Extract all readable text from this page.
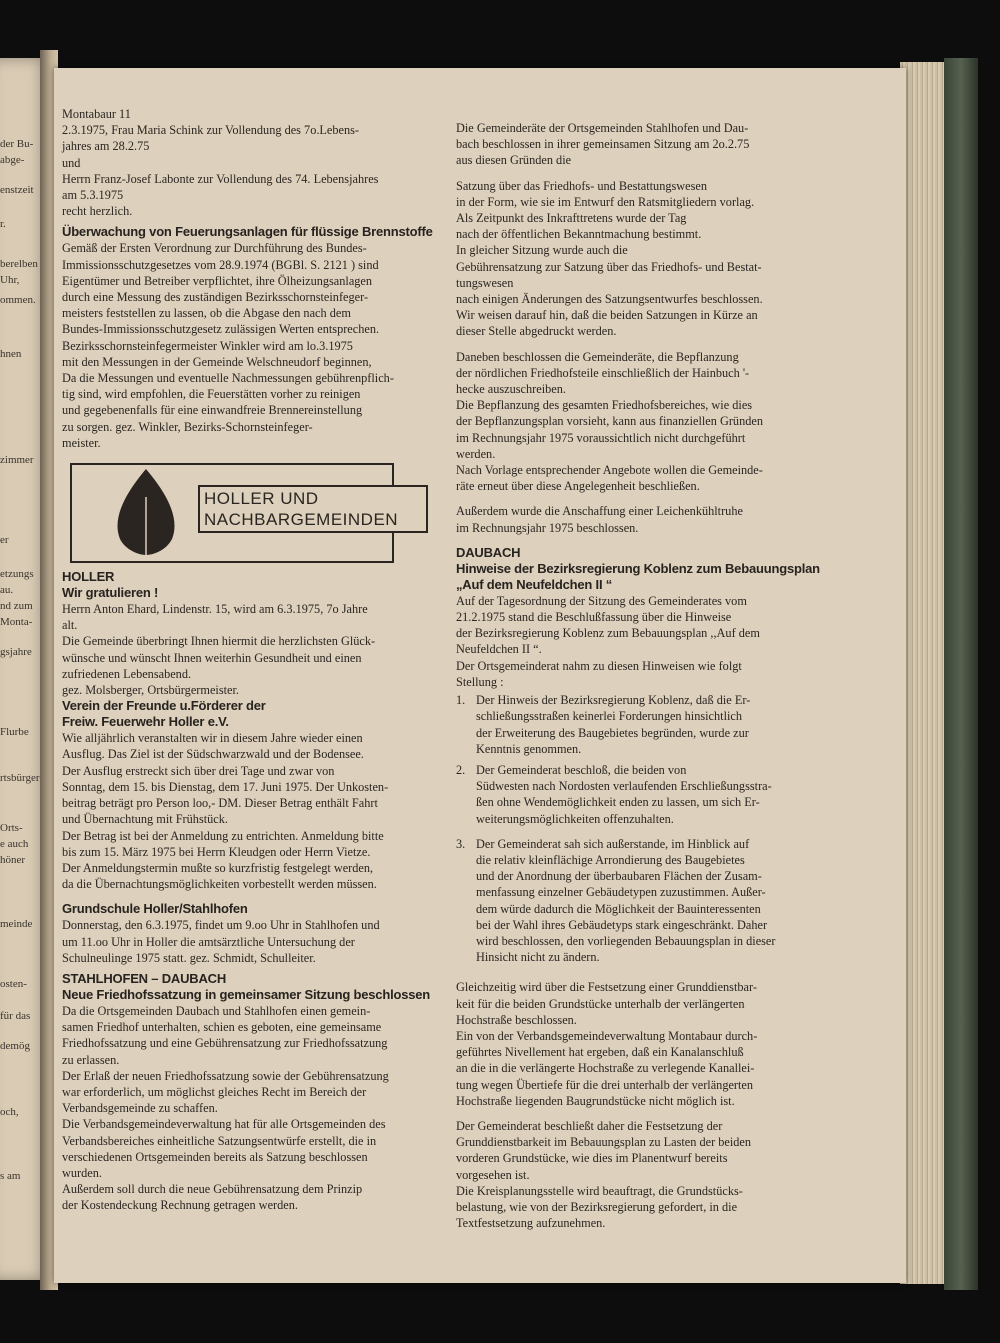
der Bu-
abge-
enstzeit
r.
berelben
Uhr,
ommen.
hnen
zimmer
er
etzungs
au.
nd zum
Monta-
gsjahre
Flurbe
rtsbürger
Orts-
e auch
höner
meinde
osten-
für das
demög
och,
s am
Montabaur 11
2.3.1975, Frau Maria Schink zur Vollendung des 7o.Lebens-
jahres am 28.2.75
und
Herrn Franz-Josef Labonte zur Vollendung des 74. Lebensjahres
am 5.3.1975
recht herzlich.
Überwachung von Feuerungsanlagen für flüssige Brennstoffe
Gemäß der Ersten Verordnung zur Durchführung des Bundes-
Immissionsschutzgesetzes vom 28.9.1974 (BGBl. S. 2121 ) sind
Eigentümer und Betreiber verpflichtet, ihre Ölheizungsanlagen
durch eine Messung des zuständigen Bezirksschornsteinfeger-
meisters feststellen zu lassen, ob die Abgase den nach dem
Bundes-Immissionsschutzgesetz zulässigen Werten entsprechen.
Bezirksschornsteinfegermeister Winkler wird am lo.3.1975
mit den Messungen in der Gemeinde Welschneudorf beginnen,
Da die Messungen und eventuelle Nachmessungen gebührenpflich-
tig sind, wird empfohlen, die Feuerstätten vorher zu reinigen
und gegebenenfalls für eine einwandfreie Brennereinstellung
zu sorgen. gez. Winkler, Bezirks-Schornsteinfeger-
meister.
HOLLER UND
NACHBARGEMEINDEN
HOLLER
Wir gratulieren !
Herrn Anton Ehard, Lindenstr. 15, wird am 6.3.1975, 7o Jahre
alt.
Die Gemeinde überbringt Ihnen hiermit die herzlichsten Glück-
wünsche und wünscht Ihnen weiterhin Gesundheit und einen
zufriedenen Lebensabend.
gez. Molsberger, Ortsbürgermeister.
Verein der Freunde u.Förderer der
Freiw. Feuerwehr Holler e.V.
Wie alljährlich veranstalten wir in diesem Jahre wieder einen
Ausflug. Das Ziel ist der Südschwarzwald und der Bodensee.
Der Ausflug erstreckt sich über drei Tage und zwar von
Sonntag, dem 15. bis Dienstag, dem 17. Juni 1975. Der Unkosten-
beitrag beträgt pro Person loo,- DM. Dieser Betrag enthält Fahrt
und Übernachtung mit Frühstück.
Der Betrag ist bei der Anmeldung zu entrichten. Anmeldung bitte
bis zum 15. März 1975 bei Herrn Kleudgen oder Herrn Vietze.
Der Anmeldungstermin mußte so kurzfristig festgelegt werden,
da die Übernachtungsmöglichkeiten vorbestellt werden müssen.
Grundschule Holler/Stahlhofen
Donnerstag, den 6.3.1975, findet um 9.oo Uhr in Stahlhofen und
um 11.oo Uhr in Holler die amtsärztliche Untersuchung der
Schulneulinge 1975 statt. gez. Schmidt, Schulleiter.
STAHLHOFEN – DAUBACH
Neue Friedhofssatzung in gemeinsamer Sitzung beschlossen
Da die Ortsgemeinden Daubach und Stahlhofen einen gemein-
samen Friedhof unterhalten, schien es geboten, eine gemeinsame
Friedhofssatzung und eine Gebührensatzung zur Friedhofssatzung
zu erlassen.
Der Erlaß der neuen Friedhofssatzung sowie der Gebührensatzung
war erforderlich, um möglichst gleiches Recht im Bereich der
Verbandsgemeinde zu schaffen.
Die Verbandsgemeindeverwaltung hat für alle Ortsgemeinden des
Verbandsbereiches einheitliche Satzungsentwürfe erstellt, die in
verschiedenen Ortsgemeinden bereits als Satzung beschlossen
wurden.
Außerdem soll durch die neue Gebührensatzung dem Prinzip
der Kostendeckung Rechnung getragen werden.
Die Gemeinderäte der Ortsgemeinden Stahlhofen und Dau-
bach beschlossen in ihrer gemeinsamen Sitzung am 2o.2.75
aus diesen Gründen die
Satzung über das Friedhofs- und Bestattungswesen
in der Form, wie sie im Entwurf den Ratsmitgliedern vorlag.
Als Zeitpunkt des Inkrafttretens wurde der Tag
nach der öffentlichen Bekanntmachung bestimmt.
In gleicher Sitzung wurde auch die
Gebührensatzung zur Satzung über das Friedhofs- und Bestat-
tungswesen
nach einigen Änderungen des Satzungsentwurfes beschlossen.
Wir weisen darauf hin, daß die beiden Satzungen in Kürze an
dieser Stelle abgedruckt werden.
Daneben beschlossen die Gemeinderäte, die Bepflanzung
der nördlichen Friedhofsteile einschließlich der Hainbuch '-
hecke auszuschreiben.
Die Bepflanzung des gesamten Friedhofsbereiches, wie dies
der Bepflanzungsplan vorsieht, kann aus finanziellen Gründen
im Rechnungsjahr 1975 voraussichtlich nicht durchgeführt
werden.
Nach Vorlage entsprechender Angebote wollen die Gemeinde-
räte erneut über diese Angelegenheit beschließen.
Außerdem wurde die Anschaffung einer Leichenkühltruhe
im Rechnungsjahr 1975 beschlossen.
DAUBACH
Hinweise der Bezirksregierung Koblenz zum Bebauungsplan
„Auf dem Neufeldchen II “
Auf der Tagesordnung der Sitzung des Gemeinderates vom
21.2.1975 stand die Beschlußfassung über die Hinweise
der Bezirksregierung Koblenz zum Bebauungsplan ,,Auf dem
Neufeldchen II “.
Der Ortsgemeinderat nahm zu diesen Hinweisen wie folgt
Stellung :
1. Der Hinweis der Bezirksregierung Koblenz, daß die Er-
schließungsstraßen keinerlei Forderungen hinsichtlich
der Erweiterung des Baugebietes begründen, wurde zur
Kenntnis genommen.
2. Der Gemeinderat beschloß, die beiden von
Südwesten nach Nordosten verlaufenden Erschließungsstra-
ßen ohne Wendemöglichkeit enden zu lassen, um sich Er-
weiterungsmöglichkeiten offenzuhalten.
3. Der Gemeinderat sah sich außerstande, im Hinblick auf
die relativ kleinflächige Arrondierung des Baugebietes
und der Anordnung der überbaubaren Flächen der Zusam-
menfassung einzelner Gebäudetypen zuzustimmen. Außer-
dem würde dadurch die Möglichkeit der Bauinteressenten
bei der Wahl ihres Gebäudetyps stark eingeschränkt. Daher
wird beschlossen, den vorliegenden Bebauungsplan in dieser
Hinsicht nicht zu ändern.
Gleichzeitig wird über die Festsetzung einer Grunddienstbar-
keit für die beiden Grundstücke unterhalb der verlängerten
Hochstraße beschlossen.
Ein von der Verbandsgemeindeverwaltung Montabaur durch-
geführtes Nivellement hat ergeben, daß ein Kanalanschluß
an die in die verlängerte Hochstraße zu verlegende Kanallei-
tung wegen Übertiefe für die drei unterhalb der verlängerten
Hochstraße liegenden Baugrundstücke nicht möglich ist.
Der Gemeinderat beschließt daher die Festsetzung der
Grunddienstbarkeit im Bebauungsplan zu Lasten der beiden
vorderen Grundstücke, wie dies im Planentwurf bereits
vorgesehen ist.
Die Kreisplanungsstelle wird beauftragt, die Grundstücks-
belastung, wie von der Bezirksregierung gefordert, in die
Textfestsetzung aufzunehmen.
